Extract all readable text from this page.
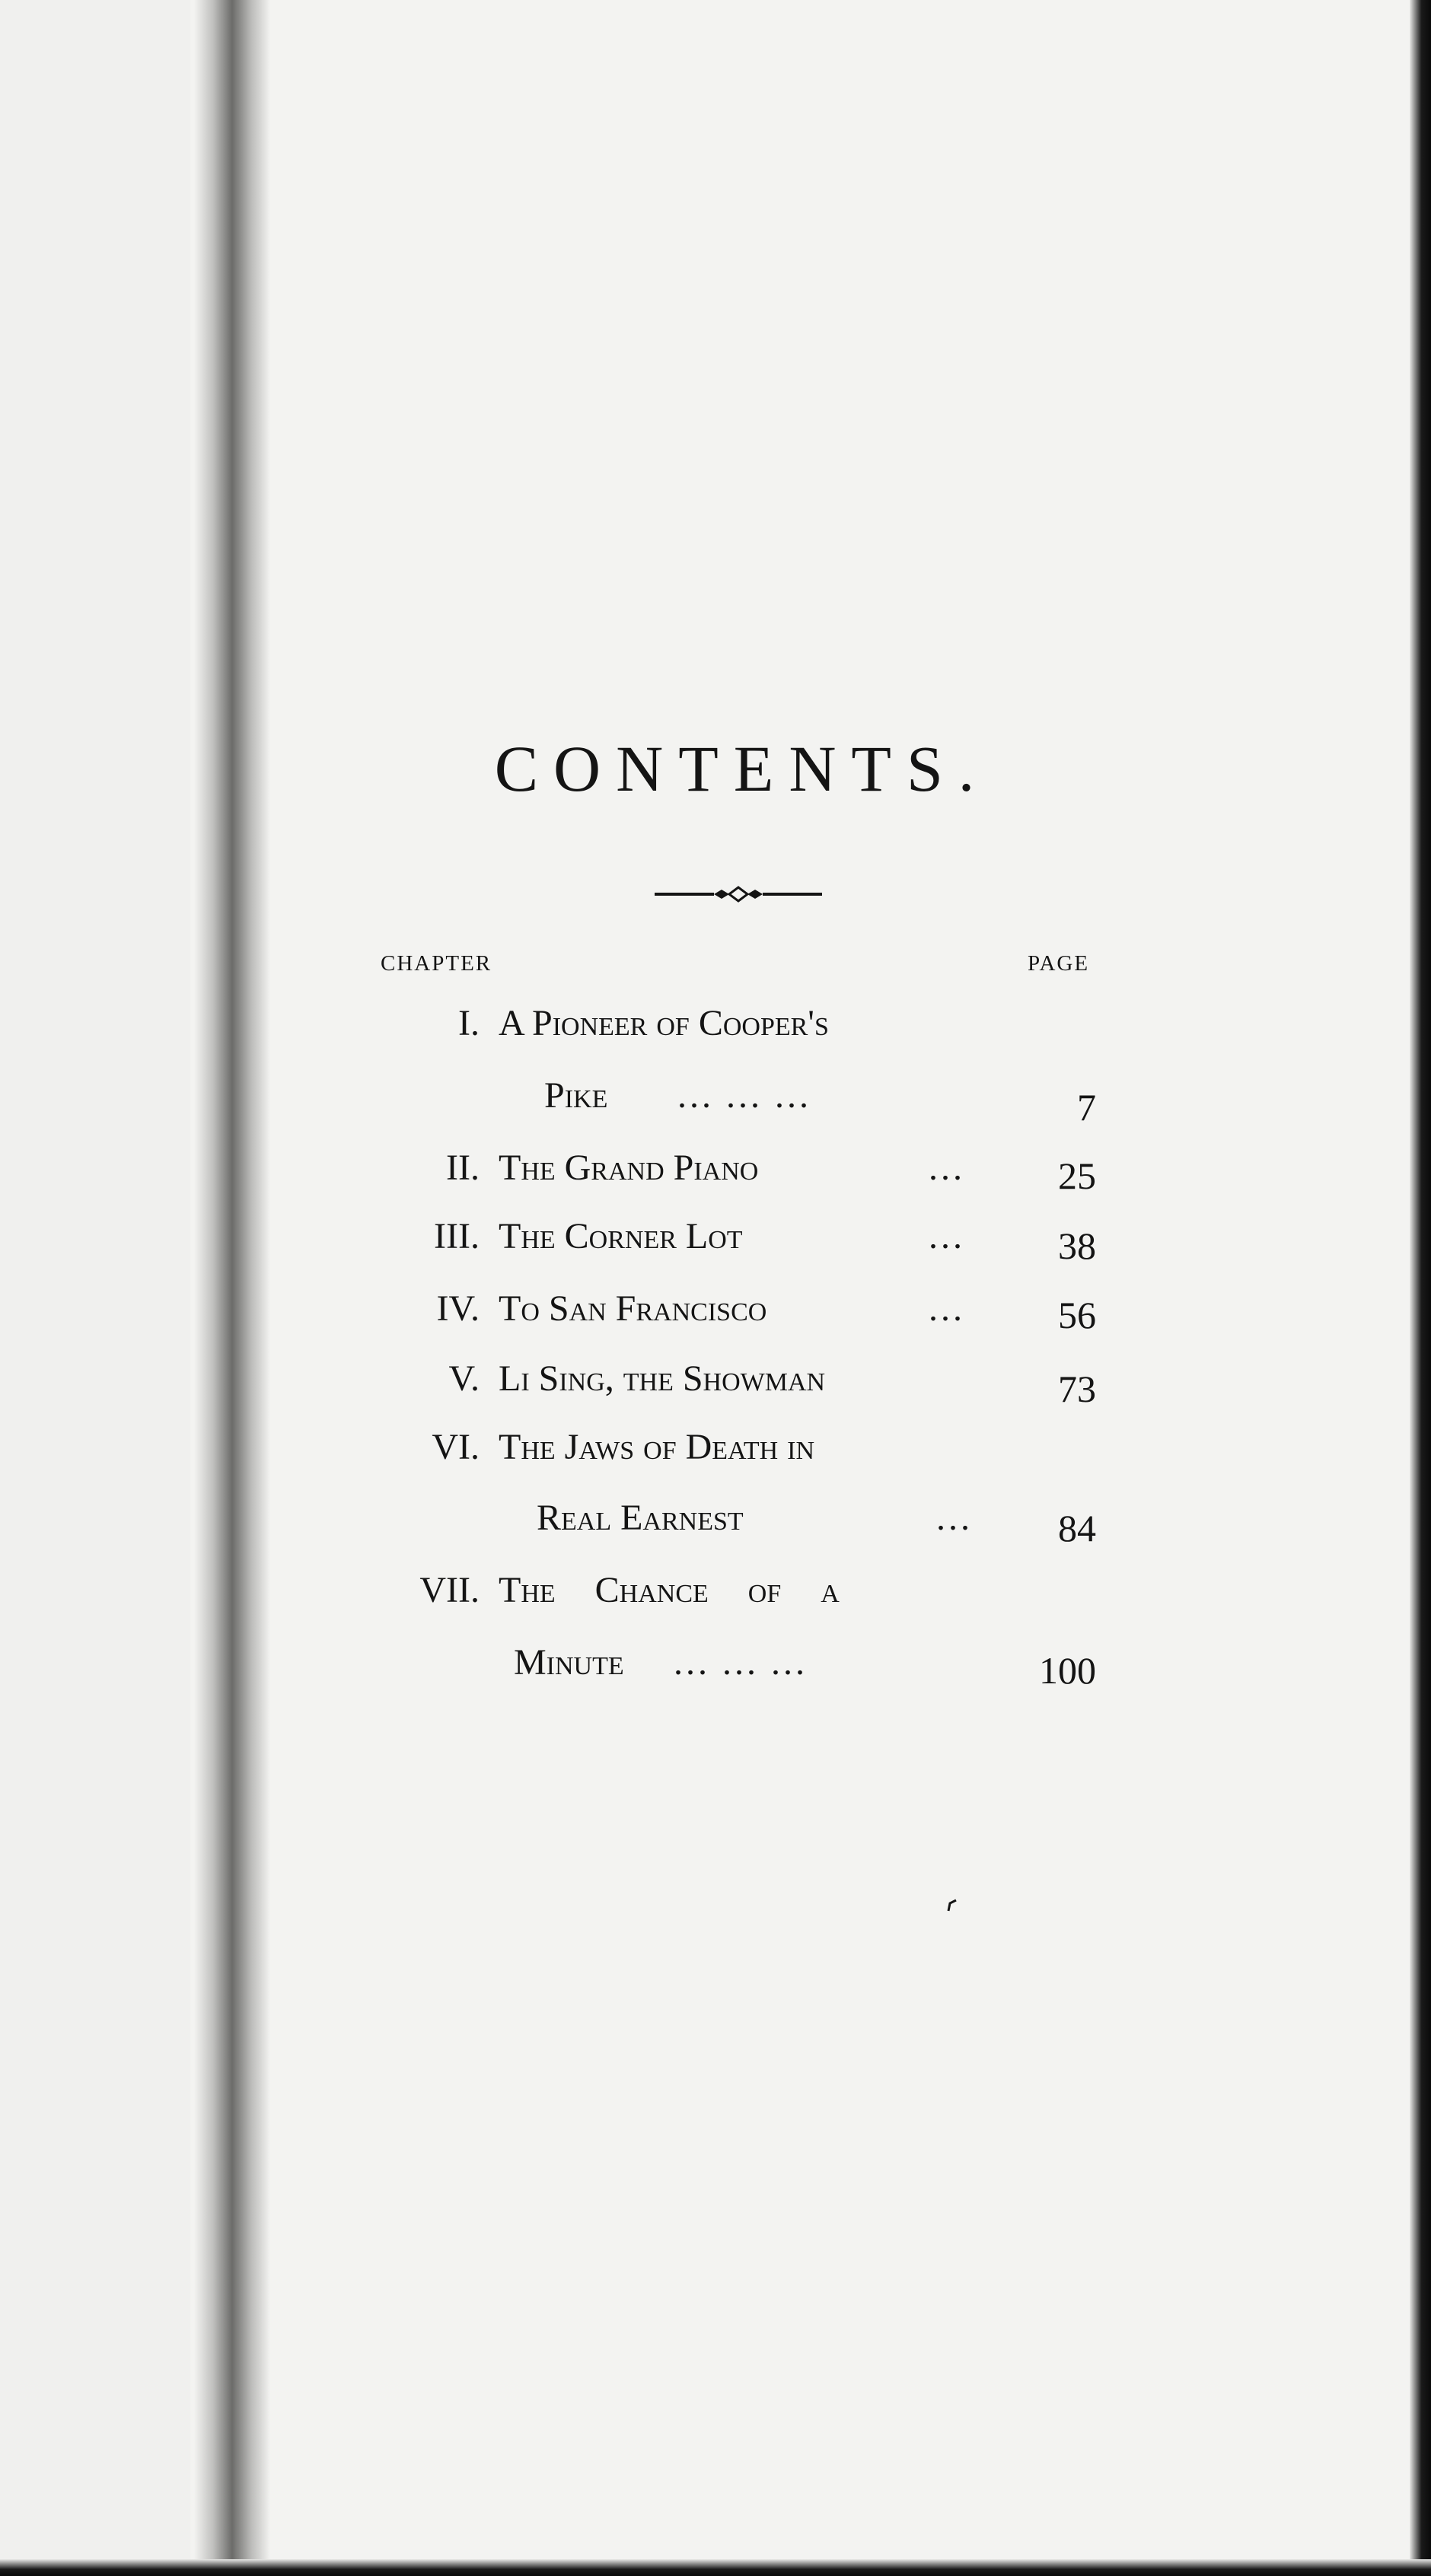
CONTENTS.
CHAPTER	PAGE
I. A Pioneer of Cooper's
Pike ... ... ...	7
II. The Grand Piano	...	25
III. The Corner Lot	...	38
IV. To San Francisco	...	56
V. Li Sing, the Showman	73
VI. The Jaws of Death in
Real Earnest	...	84
VII. The Chance of a
Minute ... ... ...	100
